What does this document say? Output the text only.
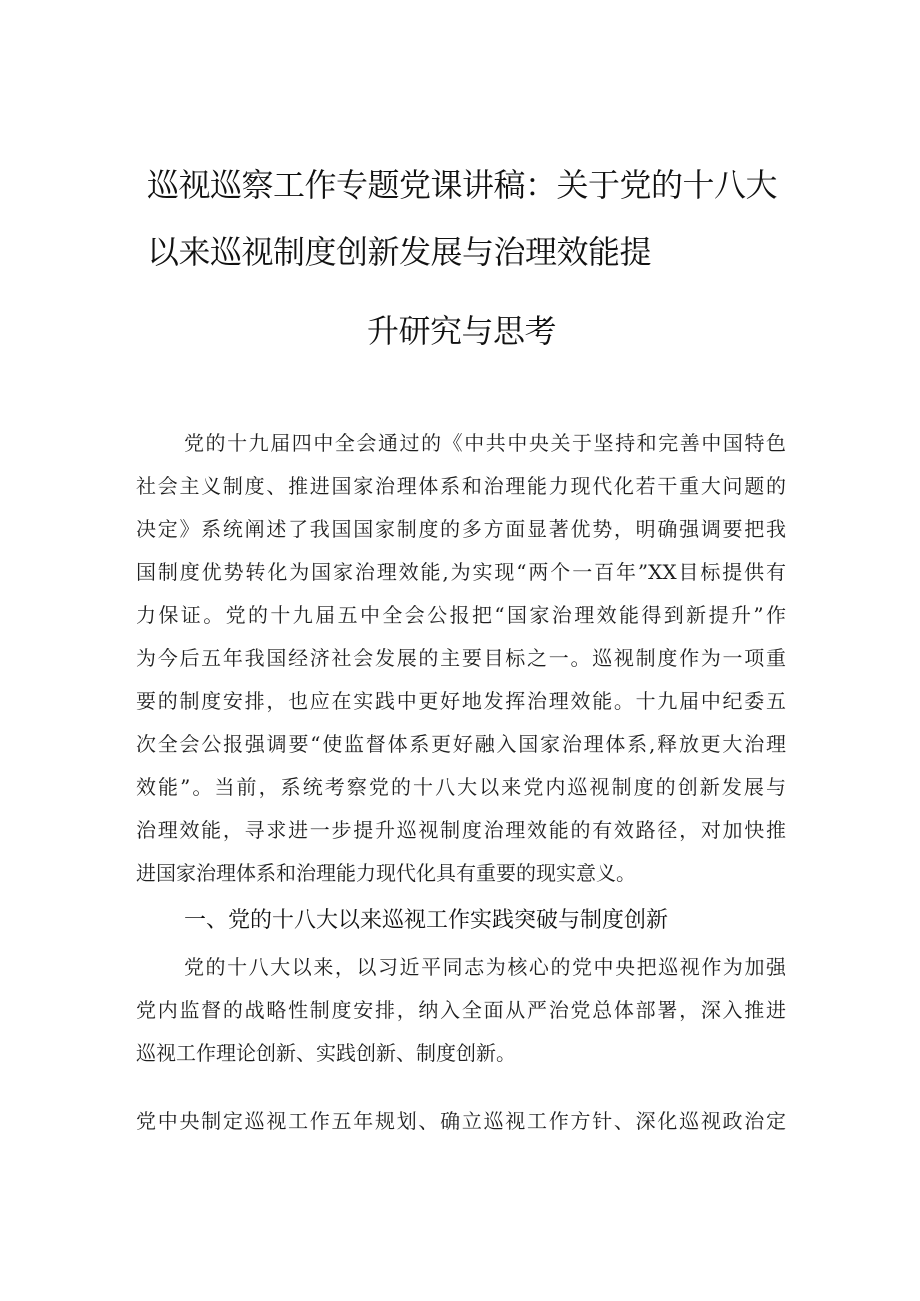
巡视巡察工作专题党课讲稿：关于党的十八大
以来巡视制度创新发展与治理效能提
升研究与思考
党的十九届四中全会通过的《中共中央关于坚持和完善中国特色
社会主义制度、推进国家治理体系和治理能力现代化若干重大问题的
决定》系统阐述了我国国家制度的多方面显著优势，明确强调要把我
国制度优势转化为国家治理效能,为实现“两个一百年”XX目标提供有
力保证。党的十九届五中全会公报把“国家治理效能得到新提升”作
为今后五年我国经济社会发展的主要目标之一。巡视制度作为一项重
要的制度安排，也应在实践中更好地发挥治理效能。十九届中纪委五
次全会公报强调要“使监督体系更好融入国家治理体系,释放更大治理
效能”。当前，系统考察党的十八大以来党内巡视制度的创新发展与
治理效能，寻求进一步提升巡视制度治理效能的有效路径，对加快推
进国家治理体系和治理能力现代化具有重要的现实意义。
一、党的十八大以来巡视工作实践突破与制度创新
党的十八大以来，以习近平同志为核心的党中央把巡视作为加强
党内监督的战略性制度安排，纳入全面从严治党总体部署，深入推进
巡视工作理论创新、实践创新、制度创新。
党中央制定巡视工作五年规划、确立巡视工作方针、深化巡视政治定
